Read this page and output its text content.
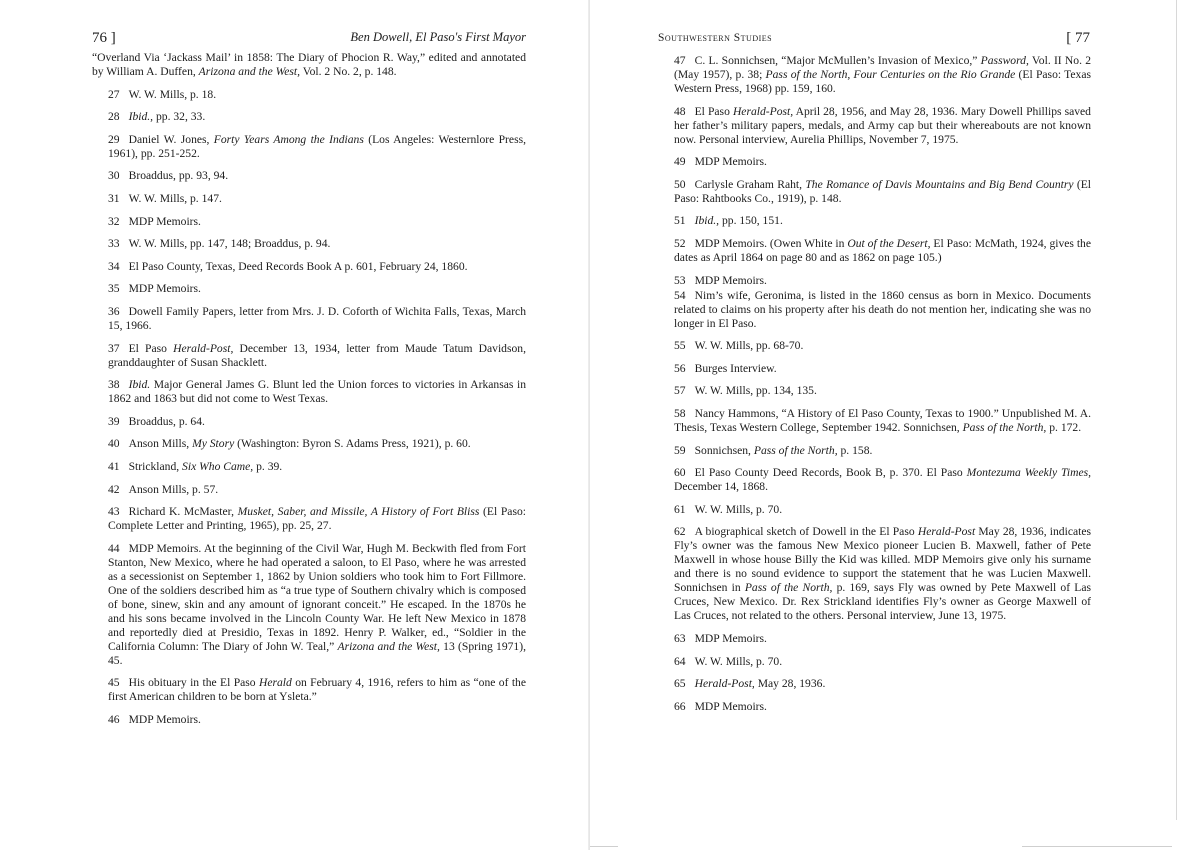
76 ]	Ben Dowell, El Paso's First Mayor

“Overland Via ‘Jackass Mail’ in 1858: The Diary of Phocion R. Way,” edited and annotated by William A. Duffen, Arizona and the West, Vol. 2 No. 2, p. 148.

27 W. W. Mills, p. 18.

28 Ibid., pp. 32, 33.

29 Daniel W. Jones, Forty Years Among the Indians (Los Angeles: Westernlore Press, 1961), pp. 251-252.

30 Broaddus, pp. 93, 94.

31 W. W. Mills, p. 147.

32 MDP Memoirs.

33 W. W. Mills, pp. 147, 148; Broaddus, p. 94.

34 El Paso County, Texas, Deed Records Book A p. 601, February 24, 1860.

35 MDP Memoirs.

36 Dowell Family Papers, letter from Mrs. J. D. Coforth of Wichita Falls, Texas, March 15, 1966.

37 El Paso Herald-Post, December 13, 1934, letter from Maude Tatum Davidson, granddaughter of Susan Shacklett.

38 Ibid. Major General James G. Blunt led the Union forces to victories in Arkansas in 1862 and 1863 but did not come to West Texas.

39 Broaddus, p. 64.

40 Anson Mills, My Story (Washington: Byron S. Adams Press, 1921), p. 60.

41 Strickland, Six Who Came, p. 39.

42 Anson Mills, p. 57.

43 Richard K. McMaster, Musket, Saber, and Missile, A History of Fort Bliss (El Paso: Complete Letter and Printing, 1965), pp. 25, 27.

44 MDP Memoirs. At the beginning of the Civil War, Hugh M. Beckwith fled from Fort Stanton, New Mexico, where he had operated a saloon, to El Paso, where he was arrested as a secessionist on September 1, 1862 by Union soldiers who took him to Fort Fillmore. One of the soldiers described him as “a true type of Southern chivalry which is composed of bone, sinew, skin and any amount of ignorant conceit.” He escaped. In the 1870s he and his sons became involved in the Lincoln County War. He left New Mexico in 1878 and reportedly died at Presidio, Texas in 1892. Henry P. Walker, ed., “Soldier in the California Column: The Diary of John W. Teal,” Arizona and the West, 13 (Spring 1971), 45.

45 His obituary in the El Paso Herald on February 4, 1916, refers to him as “one of the first American children to be born at Ysleta.”

46 MDP Memoirs.

Southwestern Studies	[ 77

47 C. L. Sonnichsen, “Major McMullen’s Invasion of Mexico,” Password, Vol. II No. 2 (May 1957), p. 38; Pass of the North, Four Centuries on the Rio Grande (El Paso: Texas Western Press, 1968) pp. 159, 160.

48 El Paso Herald-Post, April 28, 1956, and May 28, 1936. Mary Dowell Phillips saved her father’s military papers, medals, and Army cap but their whereabouts are not known now. Personal interview, Aurelia Phillips, November 7, 1975.

49 MDP Memoirs.

50 Carlysle Graham Raht, The Romance of Davis Mountains and Big Bend Country (El Paso: Rahtbooks Co., 1919), p. 148.

51 Ibid., pp. 150, 151.

52 MDP Memoirs. (Owen White in Out of the Desert, El Paso: McMath, 1924, gives the dates as April 1864 on page 80 and as 1862 on page 105.)

53 MDP Memoirs.

54 Nim’s wife, Geronima, is listed in the 1860 census as born in Mexico. Documents related to claims on his property after his death do not mention her, indicating she was no longer in El Paso.

55 W. W. Mills, pp. 68-70.

56 Burges Interview.

57 W. W. Mills, pp. 134, 135.

58 Nancy Hammons, “A History of El Paso County, Texas to 1900.” Unpublished M. A. Thesis, Texas Western College, September 1942. Sonnichsen, Pass of the North, p. 172.

59 Sonnichsen, Pass of the North, p. 158.

60 El Paso County Deed Records, Book B, p. 370. El Paso Montezuma Weekly Times, December 14, 1868.

61 W. W. Mills, p. 70.

62 A biographical sketch of Dowell in the El Paso Herald-Post May 28, 1936, indicates Fly’s owner was the famous New Mexico pioneer Lucien B. Maxwell, father of Pete Maxwell in whose house Billy the Kid was killed. MDP Memoirs give only his surname and there is no sound evidence to support the statement that he was Lucien Maxwell. Sonnichsen in Pass of the North, p. 169, says Fly was owned by Pete Maxwell of Las Cruces, New Mexico. Dr. Rex Strickland identifies Fly’s owner as George Maxwell of Las Cruces, not related to the others. Personal interview, June 13, 1975.

63 MDP Memoirs.

64 W. W. Mills, p. 70.

65 Herald-Post, May 28, 1936.

66 MDP Memoirs.
